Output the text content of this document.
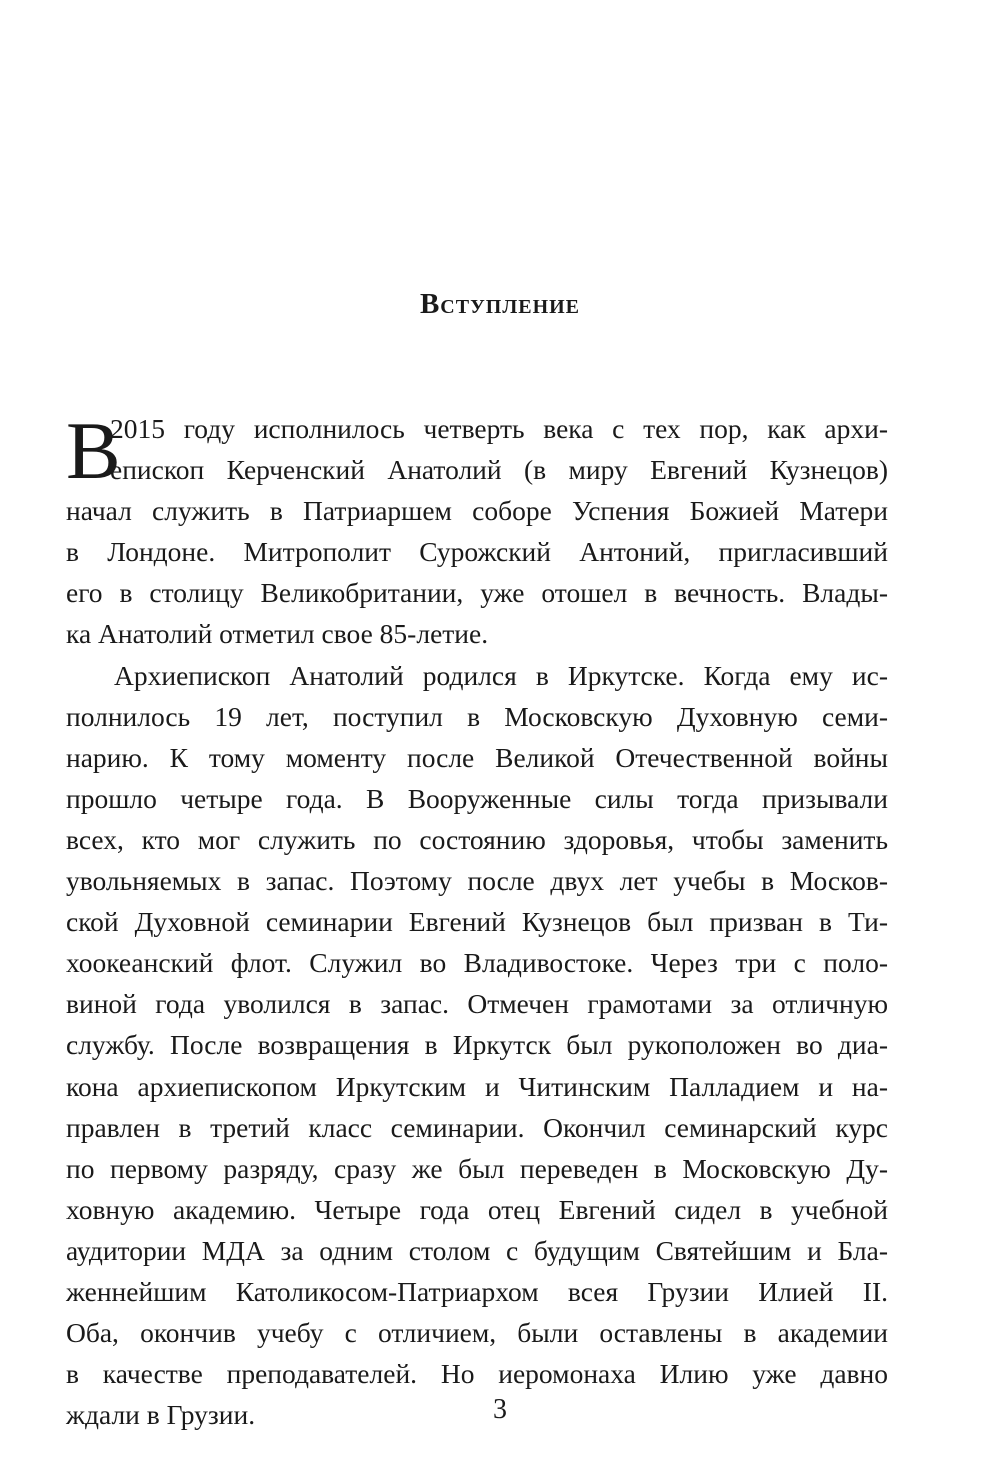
Вступление
В
2015 году исполнилось четверть века с тех пор, как архи-
епископ Керченский Анатолий (в миру Евгений Кузнецов)
начал служить в Патриаршем соборе Успения Божией Матери
в Лондоне. Митрополит Сурожский Антоний, пригласивший
его в столицу Великобритании, уже отошел в вечность. Влады-
ка Анатолий отметил свое 85-летие.
Архиепископ Анатолий родился в Иркутске. Когда ему ис-
полнилось 19 лет, поступил в Московскую Духовную семи-
нарию. К тому моменту после Великой Отечественной войны
прошло четыре года. В Вооруженные силы тогда призывали
всех, кто мог служить по состоянию здоровья, чтобы заменить
увольняемых в запас. Поэтому после двух лет учебы в Москов-
ской Духовной семинарии Евгений Кузнецов был призван в Ти-
хоокеанский флот. Служил во Владивостоке. Через три с поло-
виной года уволился в запас. Отмечен грамотами за отличную
службу. После возвращения в Иркутск был рукоположен во диа-
кона архиепископом Иркутским и Читинским Палладием и на-
правлен в третий класс семинарии. Окончил семинарский курс
по первому разряду, сразу же был переведен в Московскую Ду-
ховную академию. Четыре года отец Евгений сидел в учебной
аудитории МДА за одним столом с будущим Святейшим и Бла-
женнейшим Католикосом-Патриархом всея Грузии Илией II.
Оба, окончив учебу с отличием, были оставлены в академии
в качестве преподавателей. Но иеромонаха Илию уже давно
ждали в Грузии.	3
